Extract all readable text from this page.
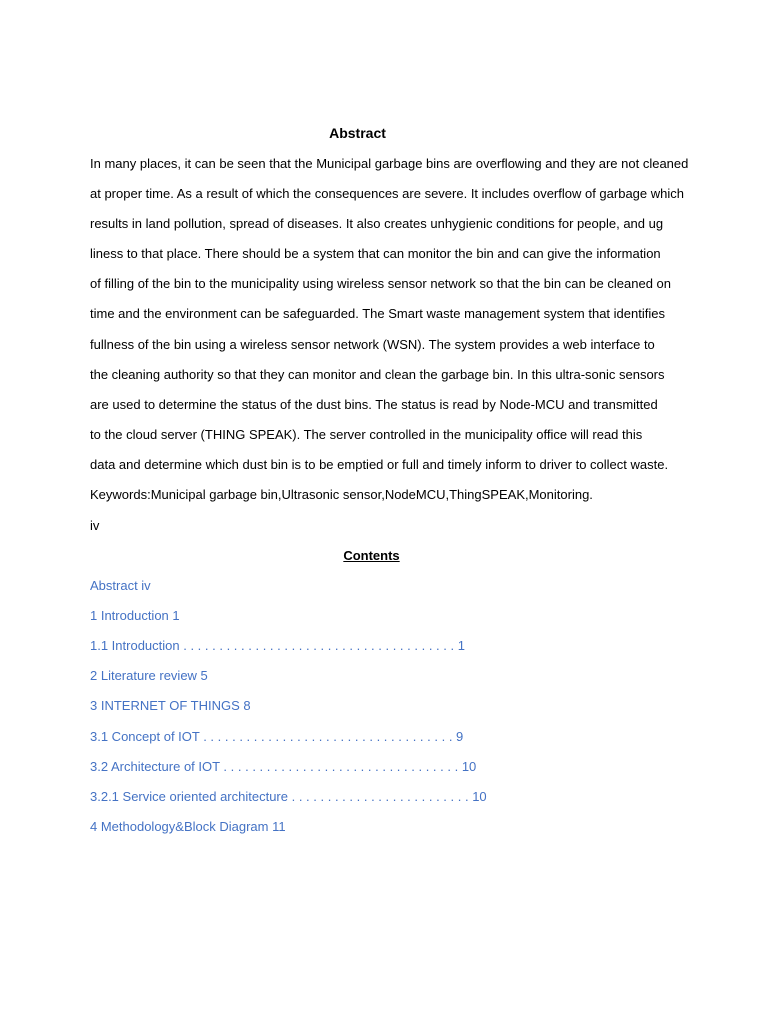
Abstract
In many places, it can be seen that the Municipal garbage bins are overflowing and they are not cleaned
at proper time. As a result of which the consequences are severe. It includes overflow of garbage which
results in land pollution, spread of diseases. It also creates unhygienic conditions for people, and ug
liness to that place. There should be a system that can monitor the bin and can give the information
of filling of the bin to the municipality using wireless sensor network so that the bin can be cleaned on
time and the environment can be safeguarded. The Smart waste management system that identifies
fullness of the bin using a wireless sensor network (WSN). The system provides a web interface to
the cleaning authority so that they can monitor and clean the garbage bin. In this ultra-sonic sensors
are used to determine the status of the dust bins. The status is read by Node-MCU and transmitted
to the cloud server (THING SPEAK). The server controlled in the municipality office will read this
data and determine which dust bin is to be emptied or full and timely inform to driver to collect waste.
Keywords:Municipal garbage bin,Ultrasonic sensor,NodeMCU,ThingSPEAK,Monitoring.
iv
Contents
Abstract iv
1 Introduction 1
1.1 Introduction . . . . . . . . . . . . . . . . . . . . . . . . . . . . . . . . . . . . . . 1
2 Literature review 5
3 INTERNET OF THINGS 8
3.1 Concept of IOT . . . . . . . . . . . . . . . . . . . . . . . . . . . . . . . . . . . 9
3.2 Architecture of IOT . . . . . . . . . . . . . . . . . . . . . . . . . . . . . . . . . 10
3.2.1 Service oriented architecture . . . . . . . . . . . . . . . . . . . . . . . . . 10
4 Methodology&Block Diagram 11
